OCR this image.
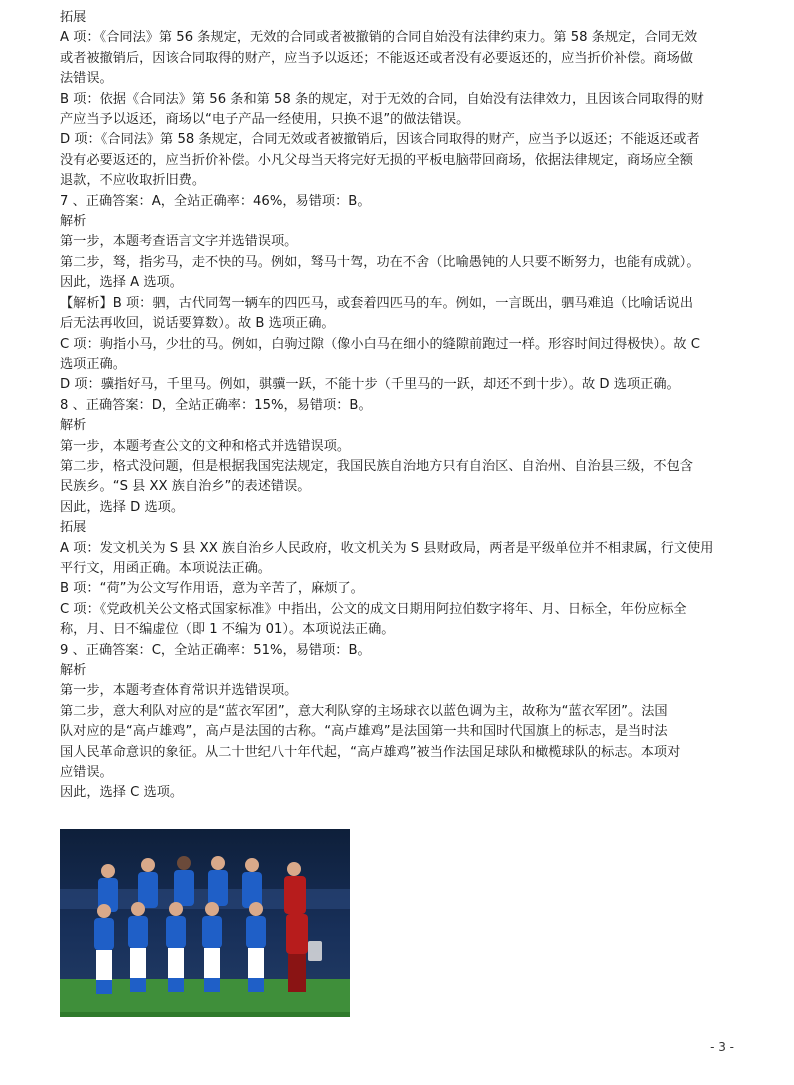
拓展
A 项：《合同法》第 56 条规定，无效的合同或者被撤销的合同自始没有法律约束力。第 58 条规定，合同无效
或者被撤销后，因该合同取得的财产，应当予以返还；不能返还或者没有必要返还的，应当折价补偿。商场做
法错误。
B 项：依据《合同法》第 56 条和第 58 条的规定，对于无效的合同，自始没有法律效力，且因该合同取得的财
产应当予以返还，商场以“电子产品一经使用，只换不退”的做法错误。
D 项：《合同法》第 58 条规定，合同无效或者被撤销后，因该合同取得的财产，应当予以返还；不能返还或者
没有必要返还的，应当折价补偿。小凡父母当天将完好无损的平板电脑带回商场，依据法律规定，商场应全额
退款，不应收取折旧费。
7 、正确答案：A，全站正确率：46%，易错项：B。
解析
第一步，本题考查语言文字并选错误项。
第二步，驽，指劣马，走不快的马。例如，驽马十驾，功在不舍（比喻愚钝的人只要不断努力，也能有成就）。
因此，选择 A 选项。
【解析】B 项：驷，古代同驾一辆车的四匹马，或套着四匹马的车。例如，一言既出，驷马难追（比喻话说出
后无法再收回，说话要算数）。故 B 选项正确。
C 项：驹指小马，少壮的马。例如，白驹过隙（像小白马在细小的缝隙前跑过一样。形容时间过得极快）。故 C
选项正确。
D 项：骥指好马，千里马。例如，骐骥一跃，不能十步（千里马的一跃，却还不到十步）。故 D 选项正确。
8 、正确答案：D，全站正确率：15%，易错项：B。
解析
第一步，本题考查公文的文种和格式并选错误项。
第二步，格式没问题，但是根据我国宪法规定，我国民族自治地方只有自治区、自治州、自治县三级，不包含
民族乡。“S 县 XX 族自治乡”的表述错误。
因此，选择 D 选项。
拓展
A 项：发文机关为 S 县 XX 族自治乡人民政府，收文机关为 S 县财政局，两者是平级单位并不相隶属，行文使用
平行文，用函正确。本项说法正确。
B 项：“荷”为公文写作用语，意为辛苦了，麻烦了。
C 项：《党政机关公文格式国家标准》中指出，公文的成文日期用阿拉伯数字将年、月、日标全，年份应标全
称，月、日不编虚位（即 1 不编为 01）。本项说法正确。
9 、正确答案：C，全站正确率：51%，易错项：B。
解析
第一步，本题考查体育常识并选错误项。
第二步，意大利队对应的是“蓝衣军团”，意大利队穿的主场球衣以蓝色调为主，故称为“蓝衣军团”。法国
队对应的是“高卢雄鸡”，高卢是法国的古称。“高卢雄鸡”是法国第一共和国时代国旗上的标志，是当时法
国人民革命意识的象征。从二十世纪八十年代起，“高卢雄鸡”被当作法国足球队和橄榄球队的标志。本项对
应错误。
因此，选择 C 选项。
- 3 -
